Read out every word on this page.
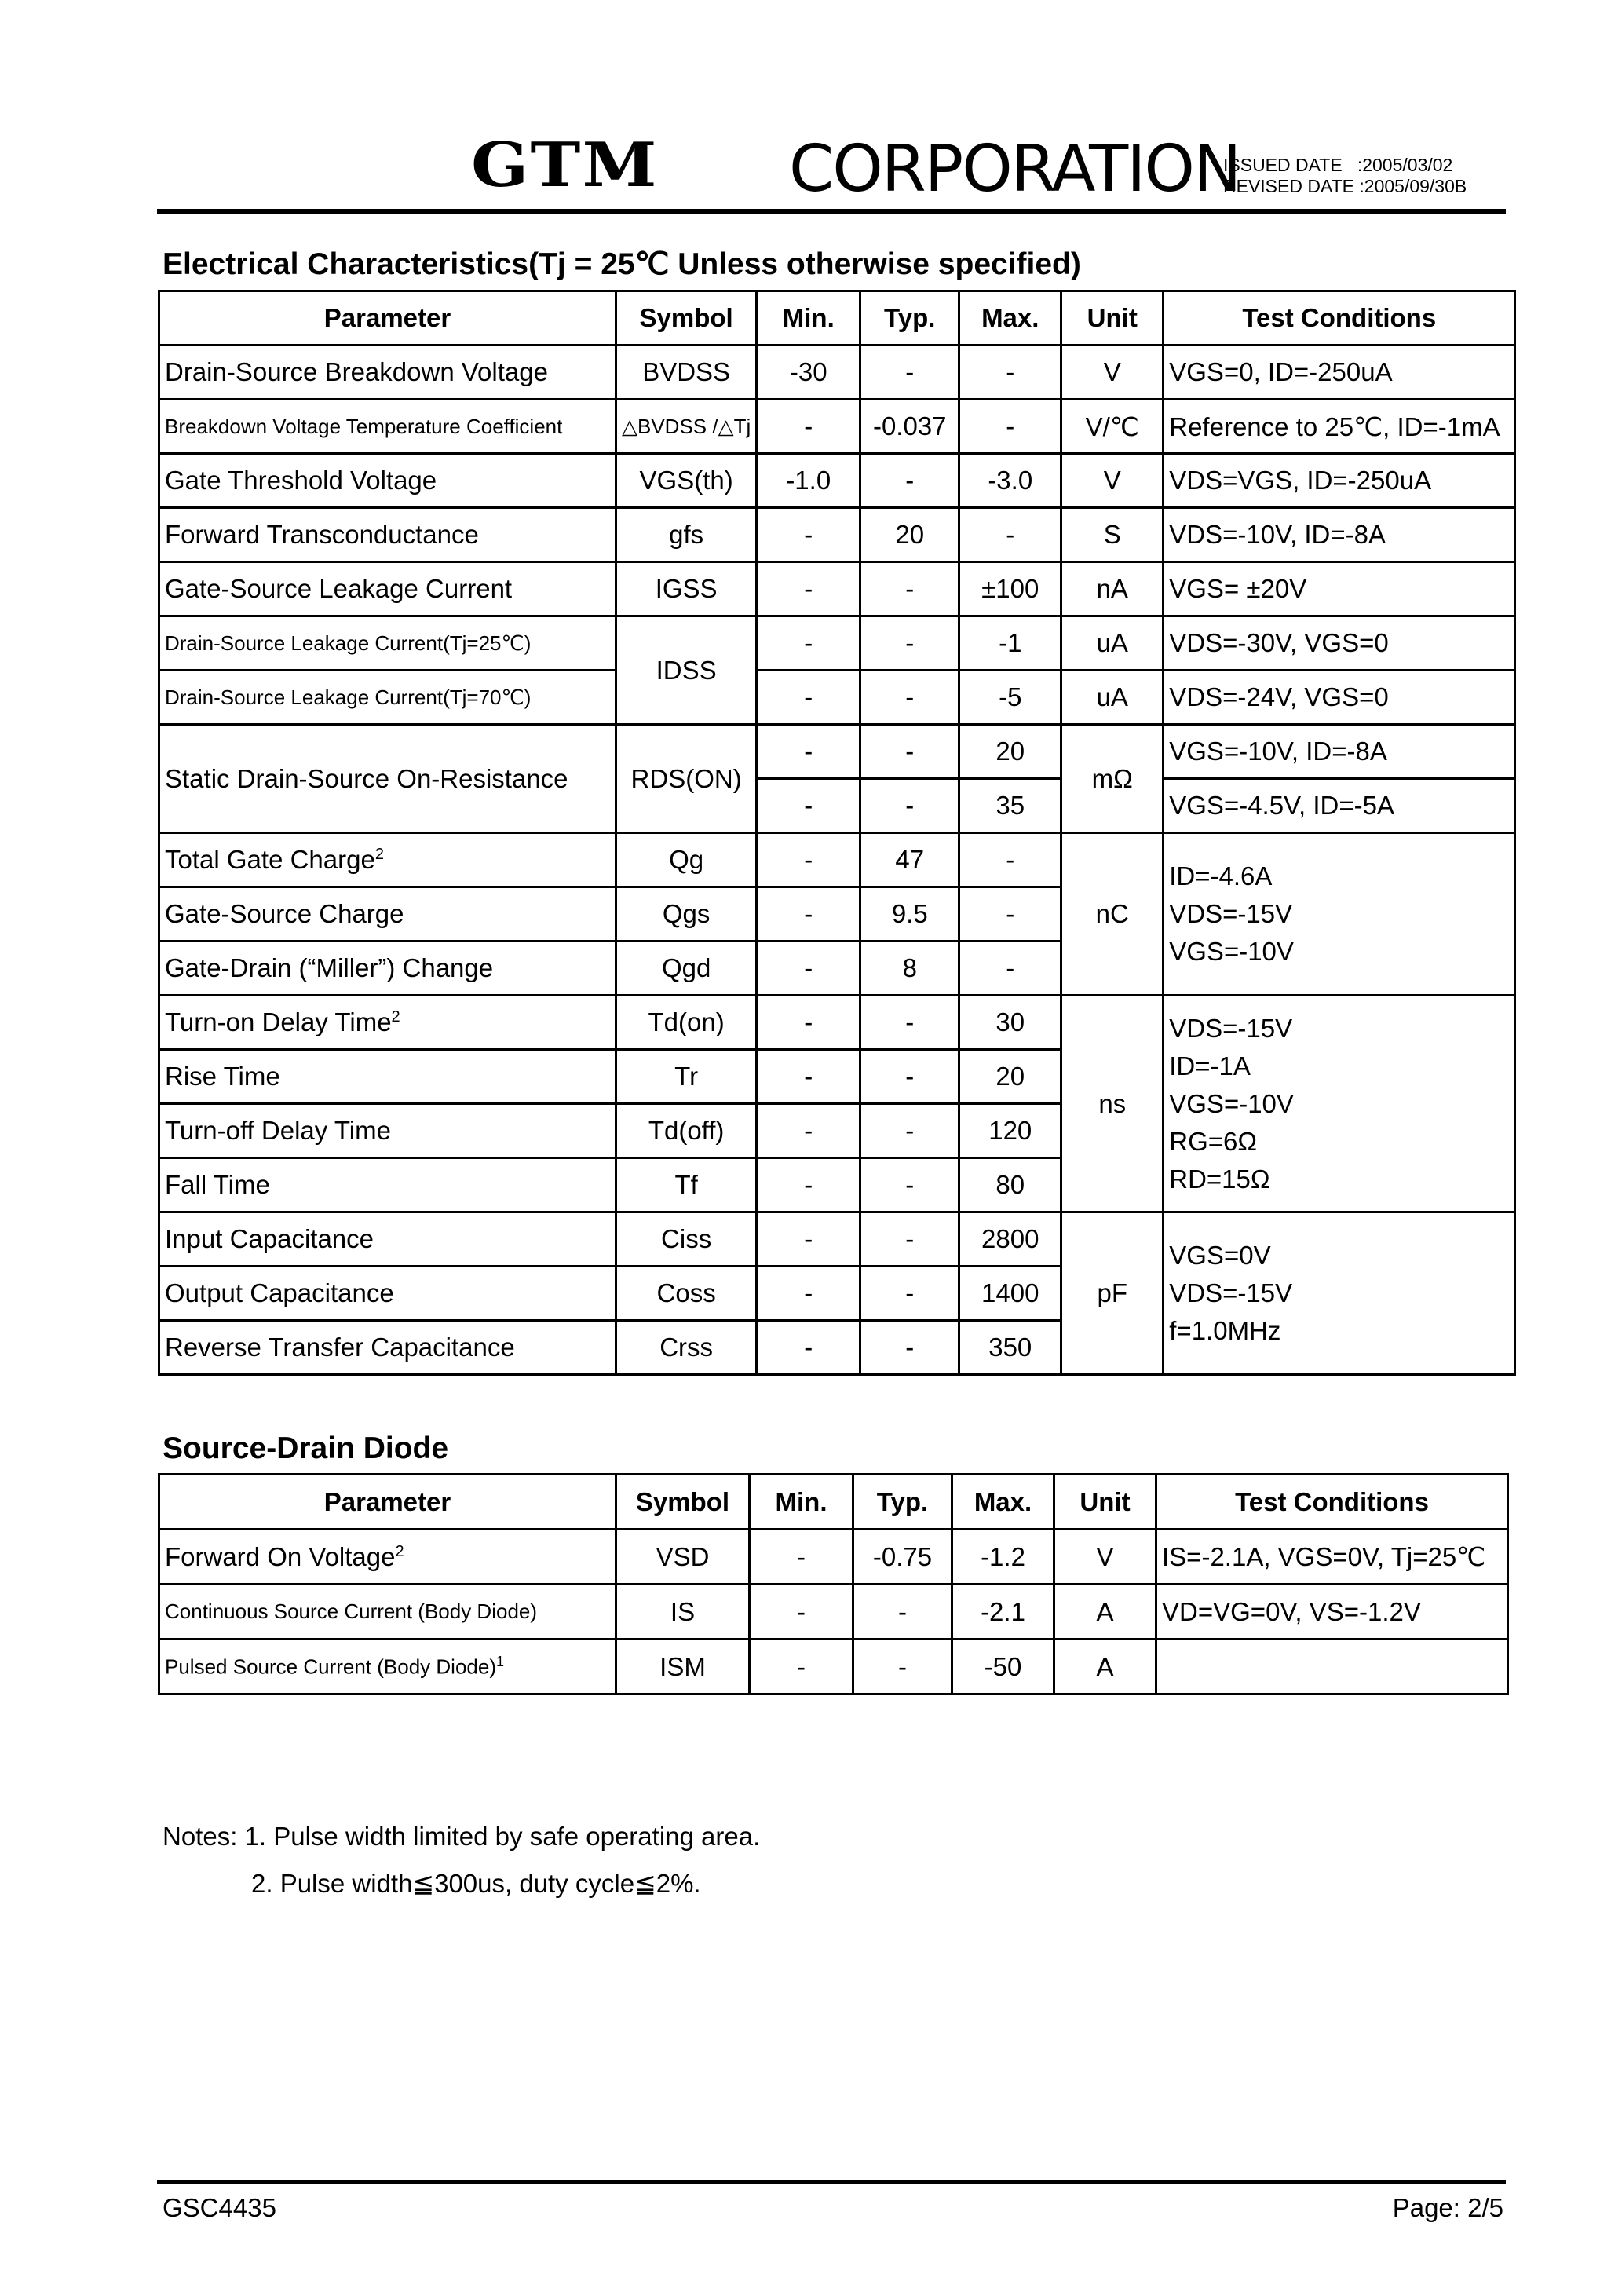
GTM CORPORATION
ISSUED DATE   :2005/03/02
REVISED DATE :2005/09/30B
Electrical Characteristics(Tj = 25℃ Unless otherwise specified)
Parameter	Symbol	Min.	Typ.	Max.	Unit	Test Conditions
Drain-Source Breakdown Voltage	BVDSS	-30	-	-	V	VGS=0, ID=-250uA
Breakdown Voltage Temperature Coefficient	△BVDSS /△Tj	-	-0.037	-	V/℃	Reference to 25℃, ID=-1mA
Gate Threshold Voltage	VGS(th)	-1.0	-	-3.0	V	VDS=VGS, ID=-250uA
Forward Transconductance	gfs	-	20	-	S	VDS=-10V, ID=-8A
Gate-Source Leakage Current	IGSS	-	-	±100	nA	VGS= ±20V
Drain-Source Leakage Current(Tj=25℃)	IDSS	-	-	-1	uA	VDS=-30V, VGS=0
Drain-Source Leakage Current(Tj=70℃)		-	-	-5	uA	VDS=-24V, VGS=0
Static Drain-Source On-Resistance	RDS(ON)	-	-	20	mΩ	VGS=-10V, ID=-8A
		-	-	35		VGS=-4.5V, ID=-5A
Total Gate Charge$^2$	Qg	-	47	-	nC	ID=-4.6A
VDS=-15V
VGS=-10V

Gate-Source Charge	Qgs	-	9.5	-		
Gate-Drain (“Miller”) Change	Qgd	-	8	-		
Turn-on Delay Time$^2$	Td(on)	-	-	30	ns	VDS=-15V
ID=-1A
VGS=-10V
RG=6Ω
RD=15Ω

Rise Time	Tr	-	-	20		
Turn-off Delay Time	Td(off)	-	-	120		
Fall Time	Tf	-	-	80		
Input Capacitance	Ciss	-	-	2800	pF	VGS=0V
VDS=-15V
f=1.0MHz

Output Capacitance	Coss	-	-	1400		
Reverse Transfer Capacitance	Crss	-	-	350		
Source-Drain Diode
Parameter	Symbol	Min.	Typ.	Max.	Unit	Test Conditions
Forward On Voltage$^2$	VSD	-	-0.75	-1.2	V	IS=-2.1A, VGS=0V, Tj=25℃
Continuous Source Current (Body Diode)	IS	-	-	-2.1	A	VD=VG=0V, VS=-1.2V
Pulsed Source Current (Body Diode)$^1$	ISM	-	-	-50	A	
Notes: 1. Pulse width limited by safe operating area.
2. Pulse width≦300us, duty cycle≦2%.
GSC4435	Page: 2/5
